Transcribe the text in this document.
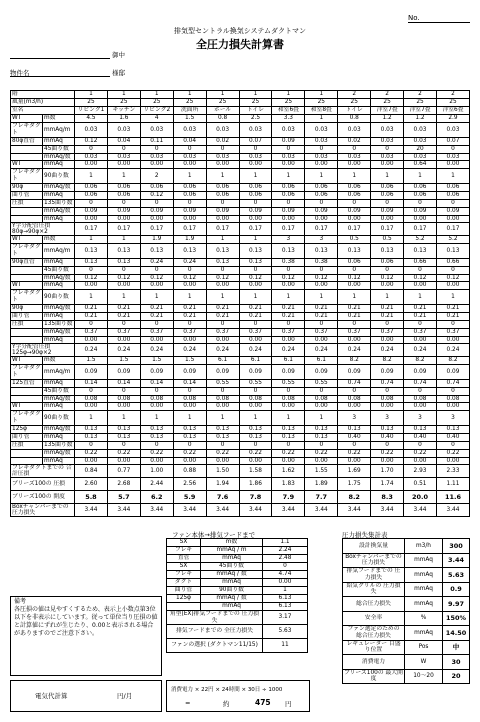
No.
排気型セントラル換気システムダクトマン
全圧力損失計算書
御中
物件名	様邸
階		1	1	1	1	1	1	1	1	2	2	2	2
風量(m3/h)		25	25	25	25	25	25	25	25	25	25	25	25
室名		リビング1	キッチン	リビング2	洗面所	ホール	トイレ	和室6畳	和室8畳	トイレ	洋室7畳	洋室7畳	洋室6畳
WT	m数	4.5	1.6	4	1.5	0.8	2.5	3.3	1	0.8	1.2	1.2	2.9
フレキダクト	mmAq/m	0.03	0.03	0.03	0.03	0.03	0.03	0.03	0.03	0.03	0.03	0.03	0.03
80φ直管	mmAq	0.12	0.04	0.11	0.04	0.02	0.07	0.09	0.03	0.02	0.03	0.03	0.07
	45曲り数	0	0	0	0	0	0	0	0	0	0	20	0
	mmAq/数	0.03	0.03	0.03	0.03	0.03	0.03	0.03	0.03	0.03	0.03	0.03	0.03
WT	mmAq	0.00	0.00	0.00	0.00	0.00	0.00	0.00	0.00	0.00	0.00	0.64	0.00
フレキダクト	90曲り数	1	1	2	1	1	1	1	1	1	1	1	1
90φ	mmAq/数	0.06	0.06	0.06	0.06	0.06	0.06	0.06	0.06	0.06	0.06	0.06	0.06
曲り管	mmAq	0.06	0.06	0.12	0.06	0.06	0.06	0.06	0.06	0.06	0.06	0.06	0.06
圧損	135曲り数	0	0	0	0	0	0	0	0	0	0	0	0
	mmAq/数	0.09	0.09	0.09	0.09	0.09	0.09	0.09	0.09	0.09	0.09	0.09	0.09
	mmAq	0.00	0.00	0.00	0.00	0.00	0.00	0.00	0.00	0.00	0.00	0.00	0.00
Y字分配管圧損 80φ→90φ×2		0.17	0.17	0.17	0.17	0.17	0.17	0.17	0.17	0.17	0.17	0.17	0.17
WT	m数	1	1	1.9	1.9	1	1	3	3	0.5	0.5	5.2	5.2
フレキダクト	mmAq/m	0.13	0.13	0.13	0.13	0.13	0.13	0.13	0.13	0.13	0.13	0.13	0.13
90φ直管	mmAq	0.13	0.13	0.24	0.24	0.13	0.13	0.38	0.38	0.06	0.06	0.66	0.66
	45曲り数	0	0	0	0	0	0	0	0	0	0	0	0
	mmAq/数	0.12	0.12	0.12	0.12	0.12	0.12	0.12	0.12	0.12	0.12	0.12	0.12
WT	mmAq	0.00	0.00	0.00	0.00	0.00	0.00	0.00	0.00	0.00	0.00	0.00	0.00
フレキダクト	90曲り数	1	1	1	1	1	1	1	1	1	1	1	1
90φ	mmAq/数	0.21	0.21	0.21	0.21	0.21	0.21	0.21	0.21	0.21	0.21	0.21	0.21
曲り管	mmAq	0.21	0.21	0.21	0.21	0.21	0.21	0.21	0.21	0.21	0.21	0.21	0.21
圧損	135曲り数	0	0	0	0	0	0	0	0	0	0	0	0
	mmAq/数	0.37	0.37	0.37	0.37	0.37	0.37	0.37	0.37	0.37	0.37	0.37	0.37
	mmAq	0.00	0.00	0.00	0.00	0.00	0.00	0.00	0.00	0.00	0.00	0.00	0.00
Y字分配管圧損 125φ→90φ×2		0.24	0.24	0.24	0.24	0.24	0.24	0.24	0.24	0.24	0.24	0.24	0.24
WT	m数	1.5	1.5	1.5	1.5	6.1	6.1	6.1	6.1	8.2	8.2	8.2	8.2
フレキダクト	mmAq/m	0.09	0.09	0.09	0.09	0.09	0.09	0.09	0.09	0.09	0.09	0.09	0.09
125直管	mmAq	0.14	0.14	0.14	0.14	0.55	0.55	0.55	0.55	0.74	0.74	0.74	0.74
	45曲り数	0	0	0	0	0	0	0	0	0	0	0	0
	mmAq/数	0.08	0.08	0.08	0.08	0.08	0.08	0.08	0.08	0.08	0.08	0.08	0.08
WT	mmAq	0.00	0.00	0.00	0.00	0.00	0.00	0.00	0.00	0.00	0.00	0.00	0.00
フレキダクト	90曲り数	1	1	1	1	1	1	1	1	3	3	3	3
125φ	mmAq/数	0.13	0.13	0.13	0.13	0.13	0.13	0.13	0.13	0.13	0.13	0.13	0.13
曲り管	mmAq	0.13	0.13	0.13	0.13	0.13	0.13	0.13	0.13	0.40	0.40	0.40	0.40
圧損	135曲り数	0	0	0	0	0	0	0	0	0	0	0	0
	mmAq/数	0.22	0.22	0.22	0.22	0.22	0.22	0.22	0.22	0.22	0.22	0.22	0.22
	mmAq	0.00	0.00	0.00	0.00	0.00	0.00	0.00	0.00	0.00	0.00	0.00	0.00
フレキダクトまでの 合計圧損		0.84	0.77	1.00	0.88	1.50	1.58	1.62	1.55	1.69	1.70	2.93	2.33
ブリーズ100の 圧損		2.60	2.68	2.44	2.56	1.94	1.86	1.83	1.89	1.75	1.74	0.51	1.11
ブリーズ100の 開度		5.8	5.7	6.2	5.9	7.6	7.8	7.9	7.7	8.2	8.3	20.0	11.6
Boxチャンバーまでの 圧力損失		3.44	3.44	3.44	3.44	3.44	3.44	3.44	3.44	3.44	3.44	3.44	3.44
備考
各圧損の値は見やすくするため、表示上小数点第3位以下を非表示にしています。従って単位当り圧損の値と計算値にずれが生じたり、0.00と表示される場合がありますのでご注意下さい。
ファン本体→排気フードまで
SX	m数	1.1
フレキ	mmAq / m	2.24
直管	mmAq	2.48
SX	45曲り数	0
フレキ	mmAq / 数	4.74
ダクト	mmAq	0.00
曲り管	90曲り数	1
125φ	mmAq / 数	6.13
	mmAq	6.13
角型(EX)排気フードまでの 圧力損失		3.17
排気フードまでの 全圧力損失		5.63
ファンの選択 (ダクトマン11/15)		11
圧力損失集計表
設計換気量	m3/h	300
Boxチャンバーまでの 圧力損失	mmAq	3.44
排気フードまでの 圧力損失	mmAq	5.63
給気グリルの 圧力損失	mmAq	0.9
総合圧力損失	mmAq	9.97
安全率	%	150%
ファン選定のための 総合圧力損失	mmAq	14.50
レギュレーター 目盛り位置	Pos	中
消費電力	W	30
ブリーズ100の 最大開度	10〜20	20
電気代計算	円/月
消費電力 × 22円 × 24時間 × 30日 ÷ 1000
=	約	475 円
